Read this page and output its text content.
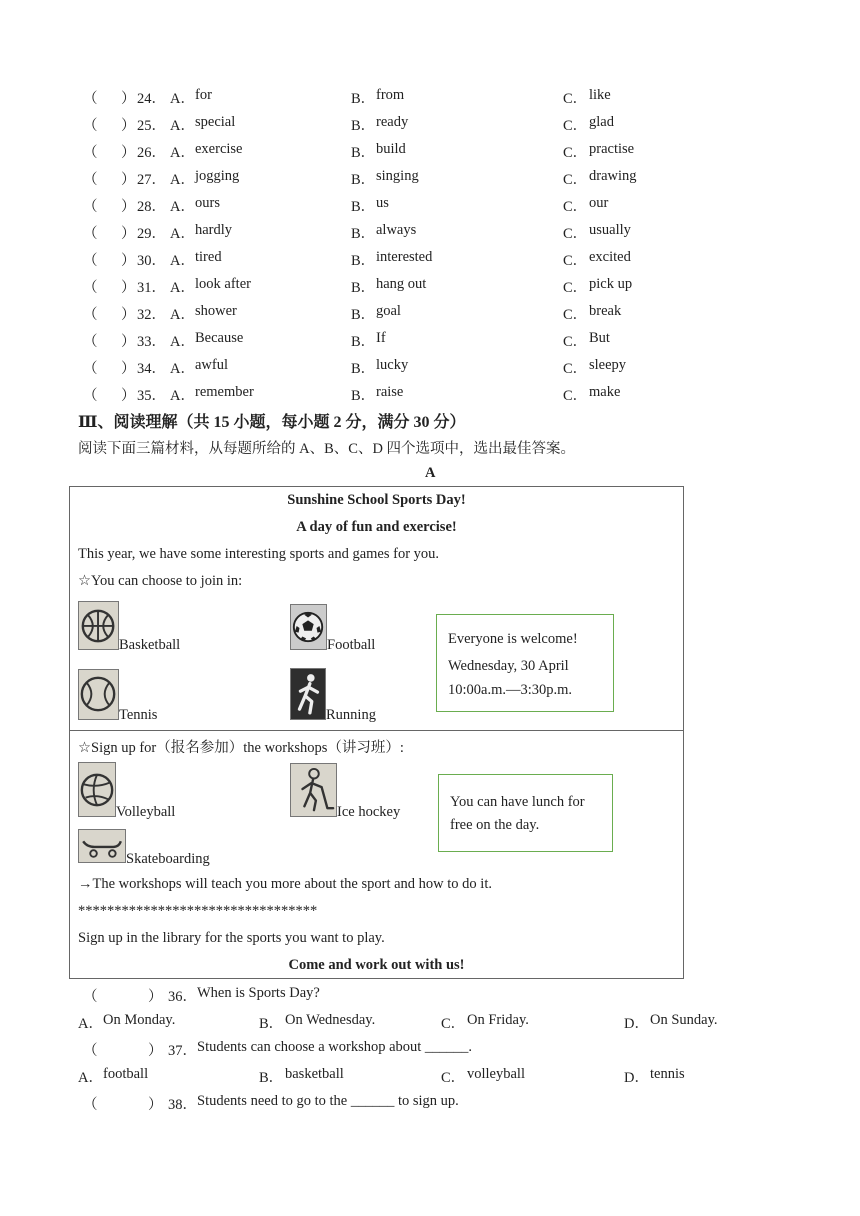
（ ） 24． A． for	B． from	C． like
（ ） 25． A． special	B． ready	C． glad
（ ） 26． A． exercise	B． build	C． practise
（ ） 27． A． jogging	B． singing	C． drawing
（ ） 28． A． ours	B． us	C． our
（ ） 29． A． hardly	B． always	C． usually
（ ） 30． A． tired	B． interested	C． excited
（ ） 31． A． look after	B． hang out	C． pick up
（ ） 32． A． shower	B． goal	C． break
（ ） 33． A． Because	B． If	C． But
（ ） 34． A． awful	B． lucky	C． sleepy
（ ） 35． A． remember	B． raise	C． make
Ⅲ、阅读理解（共 15 小题，每小题 2 分，满分 30 分）
阅读下面三篇材料，从每题所给的 A、B、C、D 四个选项中，选出最佳答案。
A
Sunshine School Sports Day!
A day of fun and exercise!
This year, we have some interesting sports and games for you.
☆You can choose to join in:
Basketball	Football
Tennis	Running
Everyone is welcome!
Wednesday, 30 April
10:00a.m.—3:30p.m.
☆Sign up for（报名参加）the workshops（讲习班）:
Volleyball	Ice hockey
Skateboarding
You can have lunch for
free on the day.
→The workshops will teach you more about the sport and how to do it.
*********************************
Sign up in the library for the sports you want to play.
Come and work out with us!
（	） 36． When is Sports Day?
A． On Monday.	B． On Wednesday.	C． On Friday.	D． On Sunday.
（	） 37． Students can choose a workshop about ______.
A． football	B． basketball	C． volleyball	D． tennis
（	） 38． Students need to go to the ______ to sign up.
